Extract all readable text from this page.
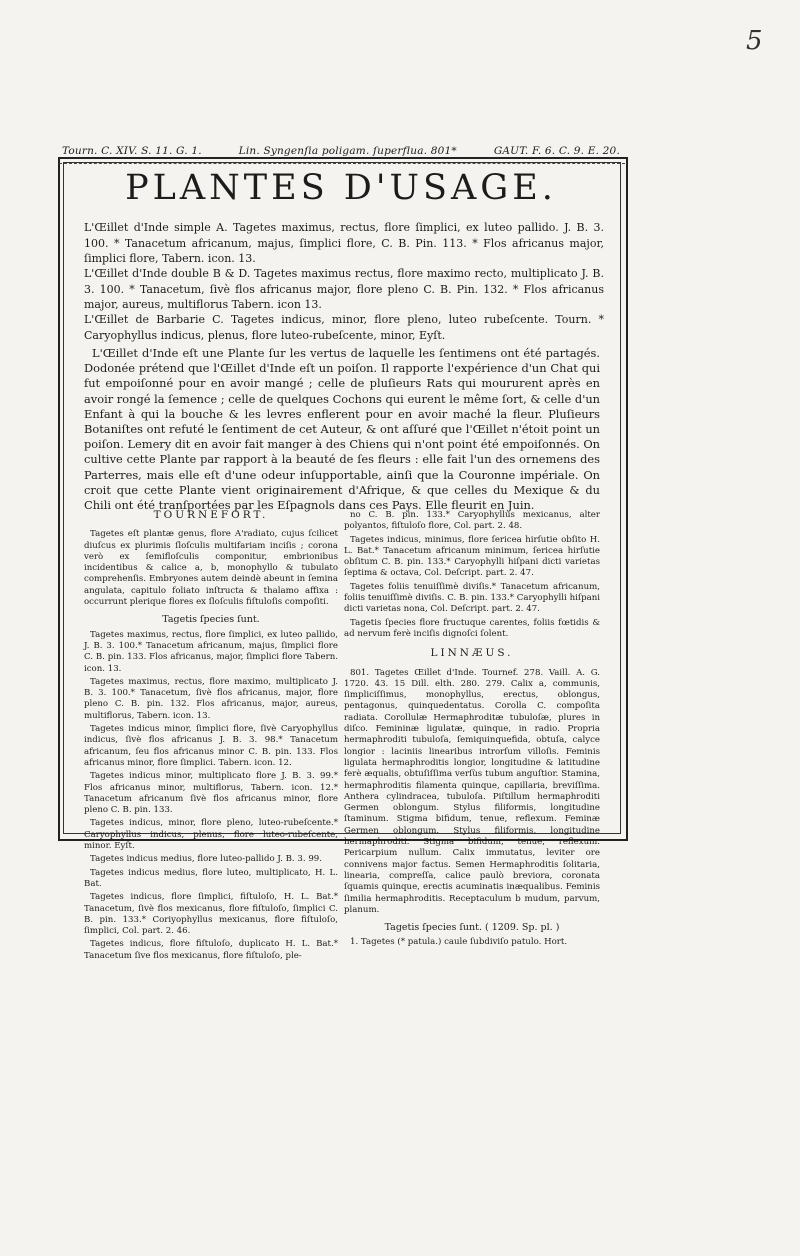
5
Tourn. C. XIV. S. 11. G. 1.	Lin. Syngenſia poligam. ſuperflua. 801*	GAUT. F. 6. C. 9. E. 20.
PLANTES D'USAGE.

L'Œillet d'Inde simple A. Tagetes maximus, rectus, flore ſimplici, ex luteo pallido. J. B. 3. 100. * Tanacetum africanum, majus, ſimplici flore, C. B. Pin. 113. * Flos africanus major, ſimplici flore, Tabern. icon. 13.

L'Œillet d'Inde double B & D. Tagetes maximus rectus, flore maximo recto, multiplicato J. B. 3. 100. * Tanacetum, ſivè flos africanus major, flore pleno C. B. Pin. 132. * Flos africanus major, aureus, multiflorus Tabern. icon 13.

L'Œillet de Barbarie C. Tagetes indicus, minor, flore pleno, luteo rubeſcente. Tourn. * Caryophyllus indicus, plenus, flore luteo-rubeſcente, minor, Eyſt.

L'Œillet d'Inde eſt une Plante ſur les vertus de laquelle les ſentimens ont été partagés. Dodonée prétend que l'Œillet d'Inde eſt un poiſon. Il rapporte l'expérience d'un Chat qui fut empoiſonné pour en avoir mangé ; celle de pluſieurs Rats qui moururent après en avoir rongé la ſemence ; celle de quelques Cochons qui eurent le même ſort, & celle d'un Enfant à qui la bouche & les levres enflerent pour en avoir maché la fleur. Pluſieurs Botaniſtes ont refuté le ſentiment de cet Auteur, & ont aſſuré que l'Œillet n'étoit point un poiſon. Lemery dit en avoir fait manger à des Chiens qui n'ont point été empoiſonnés. On cultive cette Plante par rapport à la beauté de ſes fleurs : elle fait l'un des ornemens des Parterres, mais elle eſt d'une odeur inſupportable, ainſi que la Couronne impériale. On croit que cette Plante vient originairement d'Afrique, & que celles du Mexique & du Chili ont été tranſportées par les Eſpagnols dans ces Pays. Elle fleurit en Juin.

TOURNEFORT.

Tagetes eſt plantæ genus, flore A'radiato, cujus ſcilicet diuſcus ex plurimis ſloſculis multifariam inciſis ; corona verò ex ſemifloſculis componitur, embrionibus incidentibus & calice a, b, monophyllo & tubulato comprehenſis. Embryones autem deindè abeunt in ſemina angulata, capitulo foliato inſtructa & thalamo affixa : occurrunt plerique flores ex ſloſculis fiſtuloſis compoſiti.

Tagetis ſpecies ſunt.

Tagetes maximus, rectus, flore ſimplici, ex luteo pallido, J. B. 3. 100.* Tanacetum africanum, majus, ſimplici flore C. B. pin. 133. Flos africanus, major, ſimplici flore Tabern. icon. 13.

Tagetes maximus, rectus, flore maximo, multiplicato J. B. 3. 100.* Tanacetum, ſivè flos africanus, major, flore pleno C. B. pin. 132. Flos africanus, major, aureus, multiflorus, Tabern. icon. 13.

Tagetes indicus minor, ſimplici flore, ſivè Caryophyllus indicus, ſivè flos africanus J. B. 3. 98.* Tanacetum africanum, ſeu flos africanus minor C. B. pin. 133. Flos africanus minor, flore ſimplici. Tabern. icon. 12.

Tagetes indicus minor, multiplicato flore J. B. 3. 99.* Flos africanus minor, multiflorus, Tabern. icon. 12.* Tanacetum africanum ſivè flos africanus minor, flore pleno C. B. pin. 133.

Tagetes indicus, minor, flore pleno, luteo-rubeſcente.* Caryophyllus indicus, plenus, flore luteo-rubeſcente, minor. Eyſt.

Tagetes indicus medius, flore luteo-pallido J. B. 3. 99.

Tagetes indicus medius, flore luteo, multiplicato, H. L. Bat.

Tagetes indicus, flore ſimplici, fiſtuloſo, H. L. Bat.* Tanacetum, ſivè flos mexicanus, flore fiſtuloſo, ſimplici C. B. pin. 133.* Coriyophyllus mexicanus, flore fiſtuloſo, ſimplici, Col. part. 2. 46.

Tagetes indicus, flore fiſtuloſo, duplicato H. L. Bat.* Tanacetum ſive flos mexicanus, flore fiſtuloſo, ple-

no C. B. pin. 133.* Caryophyllus mexicanus, alter polyantos, fiſtuloſo flore, Col. part. 2. 48.

Tagetes indicus, minimus, flore ſericea hirſutie obſito H. L. Bat.* Tanacetum africanum minimum, ſericea hirſutie obſitum C. B. pin. 133.* Caryophylli hiſpani dicti varietas ſeptima & octava, Col. Deſcript. part. 2. 47.

Tagetes foliis tenuiſſimè diviſis.* Tanacetum africanum, foliis tenuiſſimè diviſis. C. B. pin. 133.* Caryophylli hiſpani dicti varietas nona, Col. Deſcript. part. 2. 47.

Tagetis ſpecies flore fructuque carentes, foliis fœtidis & ad nervum ferè inciſis dignoſci ſolent.

LINNÆUS.

801. Tagetes Œillet d'Inde. Tournef. 278. Vaill. A. G. 1720. 43. 15 Dill. elth. 280. 279. Calix a, communis, ſimpliciſſimus, monophyllus, erectus, oblongus, pentagonus, quinquedentatus. Corolla C. compoſita radiata. Corollulæ Hermaphroditæ tubuloſæ, plures in diſco. Femininæ ligulatæ, quinque, in radio. Propria hermaphroditi tubuloſa, ſemiquinquefida, obtuſa, calyce longior : laciniis linearibus introrſum villoſis. Feminis ligulata hermaphroditis longior, longitudine & latitudine ferè æqualis, obtuſiſſima verſùs tubum anguſtior. Stamina, hermaphroditis filamenta quinque, capillaria, breviſſima. Anthera cylindracea, tubuloſa. Piſtillum hermaphroditi Germen oblongum. Stylus filiformis, longitudine ſtaminum. Stigma bifidum, tenue, reflexum. Feminæ Germen oblongum. Stylus filiformis, longitudine hermaphroditi. Stigma bifidum, tenue, reflexum. Pericarpium nullum. Calix immutatus, leviter ore connivens major factus. Semen Hermaphroditis ſolitaria, linearia, compreſſa, calice paulò breviora, coronata ſquamis quinque, erectis acuminatis inæqualibus. Feminis ſimilia hermaphroditis. Receptaculum b mudum, parvum, planum.

Tagetis ſpecies ſunt. ( 1209. Sp. pl. )

1. Tagetes (* patula.) caule ſubdiviſo patulo. Hort.
